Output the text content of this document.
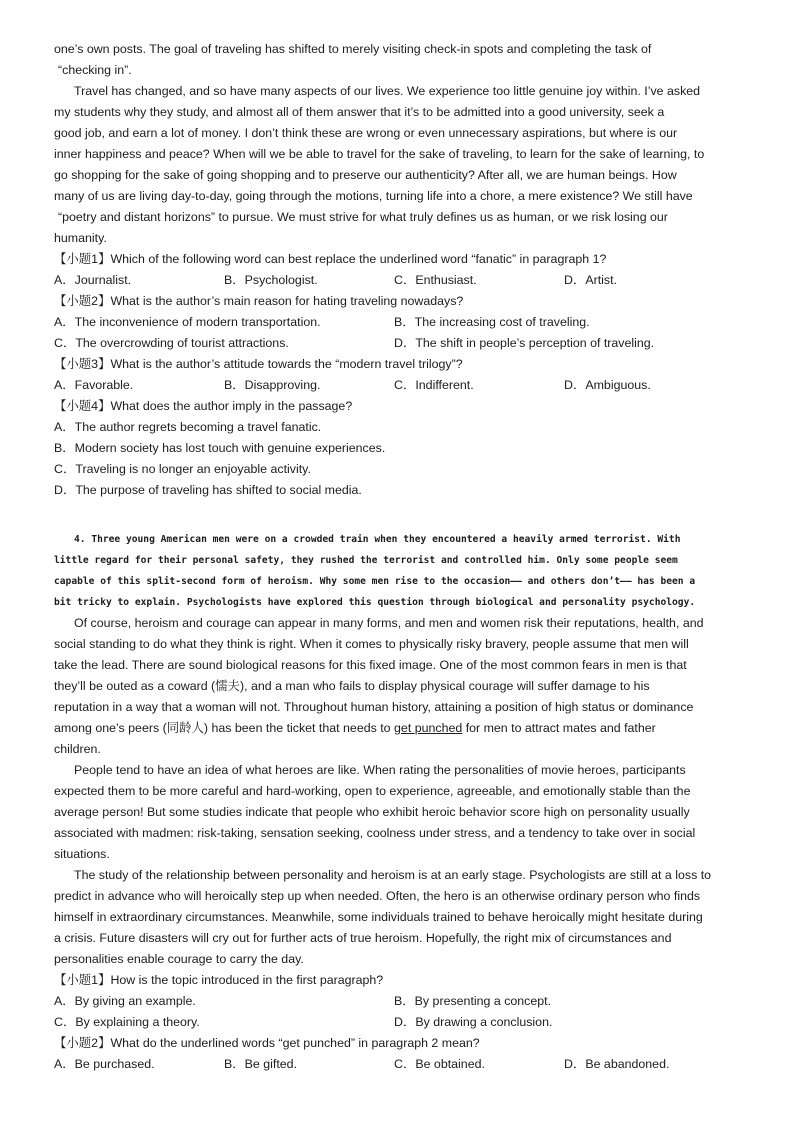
one’s own posts. The goal of traveling has shifted to merely visiting check-in spots and completing the task of
“checking in”.
Travel has changed, and so have many aspects of our lives. We experience too little genuine joy within. I’ve asked
my students why they study, and almost all of them answer that it’s to be admitted into a good university, seek a
good job, and earn a lot of money. I don’t think these are wrong or even unnecessary aspirations, but where is our
inner happiness and peace? When will we be able to travel for the sake of traveling, to learn for the sake of learning, to
go shopping for the sake of going shopping and to preserve our authenticity? After all, we are human beings. How
many of us are living day-to-day, going through the motions, turning life into a chore, a mere existence? We still have
“poetry and distant horizons” to pursue. We must strive for what truly defines us as human, or we risk losing our
humanity.
【小题1】Which of the following word can best replace the underlined word “fanatic” in paragraph 1?
A．Journalist.	B．Psychologist.	C．Enthusiast.	D．Artist.
【小题2】What is the author’s main reason for hating traveling nowadays?
A．The inconvenience of modern transportation.	B．The increasing cost of traveling.
C．The overcrowding of tourist attractions.	D．The shift in people’s perception of traveling.
【小题3】What is the author’s attitude towards the “modern travel trilogy”?
A．Favorable.	B．Disapproving.	C．Indifferent.	D．Ambiguous.
【小题4】What does the author imply in the passage?
A．The author regrets becoming a travel fanatic.
B．Modern society has lost touch with genuine experiences.
C．Traveling is no longer an enjoyable activity.
D．The purpose of traveling has shifted to social media.
4. Three young American men were on a crowded train when they encountered a heavily armed terrorist. With
little regard for their personal safety, they rushed the terrorist and controlled him. Only some people seem
capable of this split-second form of heroism. Why some men rise to the occasion—— and others don’t—— has been a
bit tricky to explain. Psychologists have explored this question through biological and personality psychology.
Of course, heroism and courage can appear in many forms, and men and women risk their reputations, health, and
social standing to do what they think is right. When it comes to physically risky bravery, people assume that men will
take the lead. There are sound biological reasons for this fixed image. One of the most common fears in men is that
they’ll be outed as a coward (懦夫), and a man who fails to display physical courage will suffer damage to his
reputation in a way that a woman will not. Throughout human history, attaining a position of high status or dominance
among one’s peers (同龄人) has been the ticket that needs to get punched for men to attract mates and father
children.
People tend to have an idea of what heroes are like. When rating the personalities of movie heroes, participants
expected them to be more careful and hard-working, open to experience, agreeable, and emotionally stable than the
average person! But some studies indicate that people who exhibit heroic behavior score high on personality usually
associated with madmen: risk-taking, sensation seeking, coolness under stress, and a tendency to take over in social
situations.
The study of the relationship between personality and heroism is at an early stage. Psychologists are still at a loss to
predict in advance who will heroically step up when needed. Often, the hero is an otherwise ordinary person who finds
himself in extraordinary circumstances. Meanwhile, some individuals trained to behave heroically might hesitate during
a crisis. Future disasters will cry out for further acts of true heroism. Hopefully, the right mix of circumstances and
personalities enable courage to carry the day.
【小题1】How is the topic introduced in the first paragraph?
A．By giving an example.	B．By presenting a concept.
C．By explaining a theory.	D．By drawing a conclusion.
【小题2】What do the underlined words “get punched” in paragraph 2 mean?
A．Be purchased.	B．Be gifted.	C．Be obtained.	D．Be abandoned.
